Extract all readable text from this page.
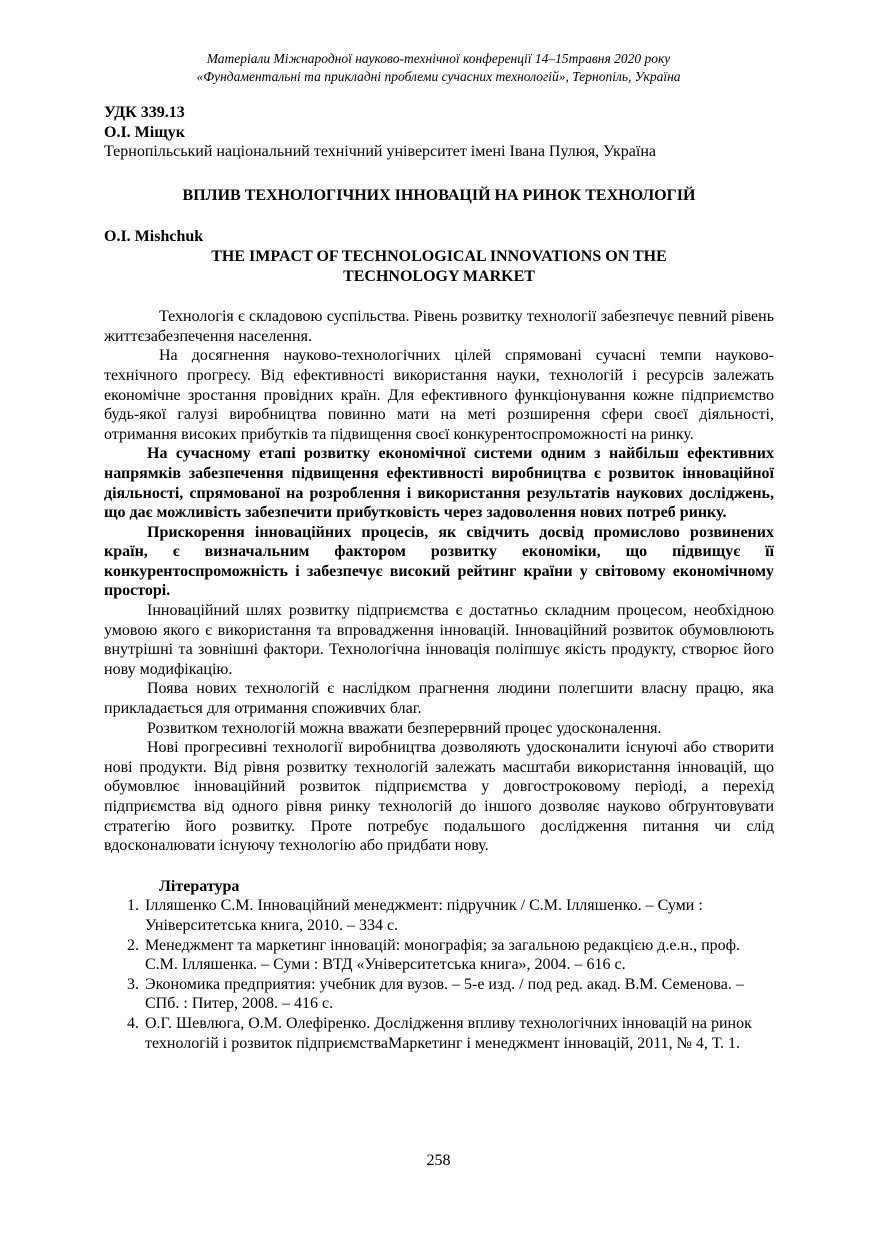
Матеріали Міжнародної науково-технічної конференції 14–15травня 2020 року
«Фундаментальні та прикладні проблеми сучасних технологій», Тернопіль, Україна
УДК 339.13
О.І. Міщук
Тернопільський національний технічний університет імені Івана Пулюя, Україна
ВПЛИВ ТЕХНОЛОГІЧНИХ ІННОВАЦІЙ НА РИНОК ТЕХНОЛОГІЙ
O.I. Mishchuk
THE IMPACT OF TECHNOLOGICAL INNOVATIONS ON THE
TECHNOLOGY MARKET

Технологія є складовою суспільства. Рівень розвитку технології забезпечує певний рівень життєзабезпечення населення.

На досягнення науково-технологічних цілей спрямовані сучасні темпи науково-технічного прогресу. Від ефективності використання науки, технологій і ресурсів залежать економічне зростання провідних країн. Для ефективного функціонування кожне підприємство будь-якої галузі виробництва повинно мати на меті розширення сфери своєї діяльності, отримання високих прибутків та підвищення своєї конкурентоспроможності на ринку.

На сучасному етапі розвитку економічної системи одним з найбільш ефективних напрямків забезпечення підвищення ефективності виробництва є розвиток інноваційної діяльності, спрямованої на розроблення і використання результатів наукових досліджень, що дає можливість забезпечити прибутковість через задоволення нових потреб ринку.

Прискорення інноваційних процесів, як свідчить досвід промислово розвинених країн, є визначальним фактором розвитку економіки, що підвищує її конкурентоспроможність і забезпечує високий рейтинг країни у світовому економічному просторі.

Інноваційний шлях розвитку підприємства є достатньо складним процесом, необхідною умовою якого є використання та впровадження інновацій. Інноваційний розвиток обумовлюють внутрішні та зовнішні фактори. Технологічна інновація поліпшує якість продукту, створює його нову модифікацію.

Поява нових технологій є наслідком прагнення людини полегшити власну працю, яка прикладається для отримання споживчих благ.

Розвитком технологій можна вважати безперервний процес удосконалення.

Нові прогресивні технології виробництва дозволяють удосконалити існуючі або створити нові продукти. Від рівня розвитку технологій залежать масштаби використання інновацій, що обумовлює інноваційний розвиток підприємства у довгостроковому періоді, а перехід підприємства від одного рівня ринку технологій до іншого дозволяє науково обґрунтовувати стратегію його розвитку. Проте потребує подальшого дослідження питання чи слід вдосконалювати існуючу технологію або придбати нову.

Література
1. Ілляшенко С.М. Інноваційний менеджмент: підручник / С.М. Ілляшенко. – Суми : Університетська книга, 2010. – 334 с.
2. Менеджмент та маркетинг інновацій: монографія; за загальною редакцією д.е.н., проф. С.М. Ілляшенка. – Суми : ВТД «Університетська книга», 2004. – 616 с.
3. Экономика предприятия: учебник для вузов. – 5-е изд. / под ред. акад. В.М. Семенова. – СПб. : Питер, 2008. – 416 с.
4. О.Г. Шевлюга, О.М. Олефіренко. Дослідження впливу технологічних інновацій на ринок технологій і розвиток підприємстваМаркетинг і менеджмент інновацій, 2011, № 4, Т. 1.
258
